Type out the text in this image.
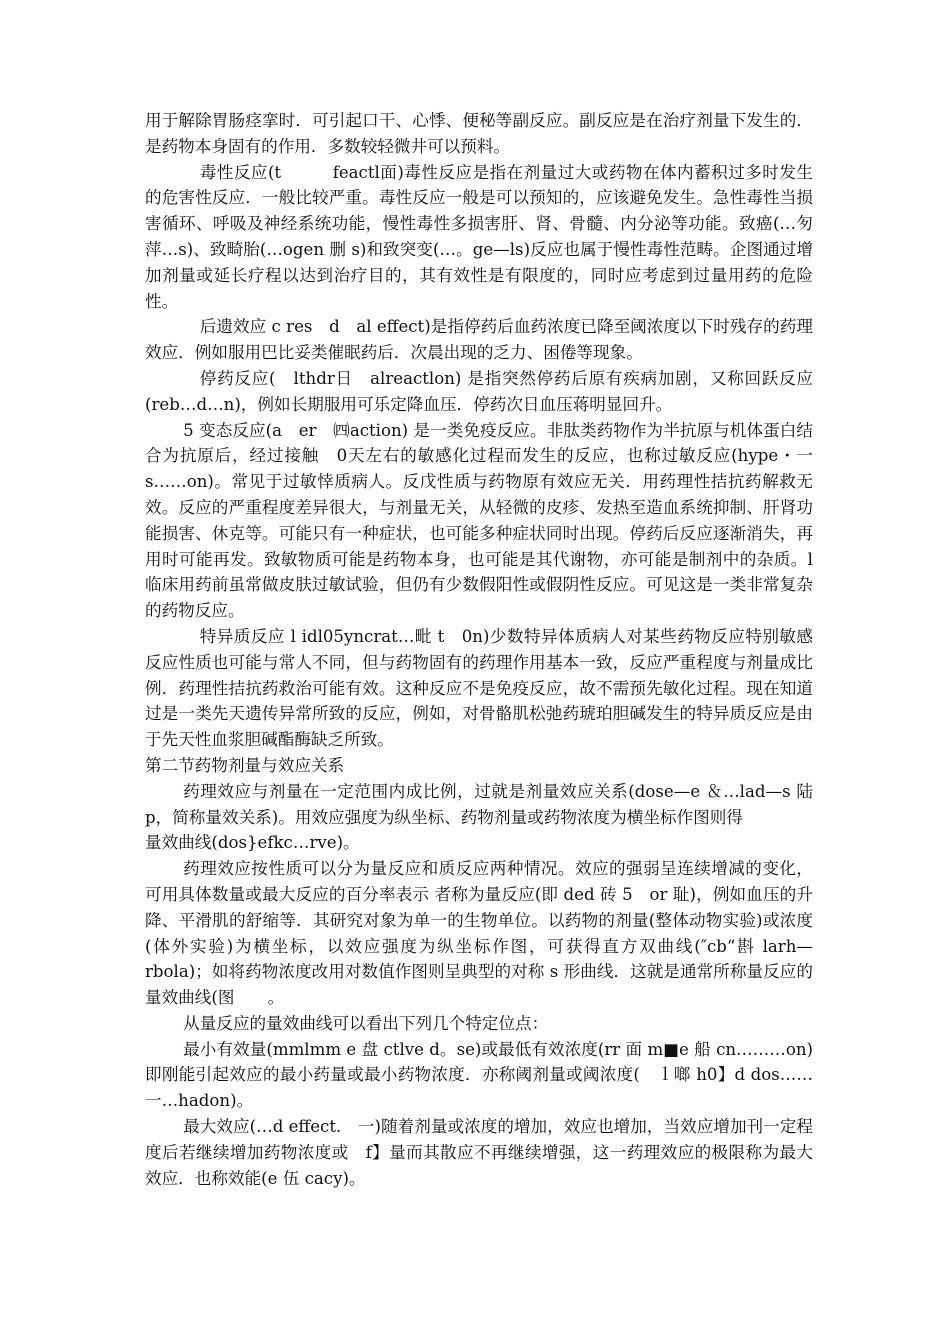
用于解除胃肠痉挛时．可引起口干、心悸、便秘等副反应。副反应是在治疗剂量下发生的．是药物本身固有的作用．多数较轻微井可以预料。

毒性反应(t　　　feactl面)毒性反应是指在剂量过大或药物在体内蓄积过多时发生的危害性反应．一般比较严重。毒性反应一般是可以预知的，应该避免发生。急性毒性当损害循环、呼吸及神经系统功能，慢性毒性多损害肝、肾、骨髓、内分泌等功能。致癌(…匇萍…s)、致畸胎(…ogen 删 s)和致突变(…。ge—ls)反应也属于慢性毒性范畴。企图通过增加剂量或延长疗程以达到治疗目的，其有效性是有限度的，同时应考虑到过量用药的危险性。

后遗效应 c res　d　al effect)是指停药后血药浓度已降至阈浓度以下时残存的药理效应．例如服用巴比妥类催眠药后．次晨出现的乏力、困倦等现象。

停药反应(　lthdr日　alreactlon) 是指突然停药后原有疾病加剧，又称回跃反应(reb…d…n)，例如长期服用可乐定降血压．停药次日血压蒋明显回升。

5 变态反应(a　er　㈣action) 是一类免疫反应。非肽类药物作为半抗原与机体蛋白结合为抗原后，经过接触　0天左右的敏感化过程而发生的反应，也称过敏反应(hype・一 s……on)。常见于过敏悻质病人。反戊性质与药物原有效应无关．用药理性拮抗药解救无效。反应的严重程度差异很大，与剂量无关，从轻微的皮疹、发热至造血系统抑制、肝肾功能损害、休克等。可能只有一种症状，也可能多种症状同时出现。停药后反应逐渐消失，再用时可能再发。致敏物质可能是药物本身，也可能是其代谢物，亦可能是制剂中的杂质。l 临床用药前虽常做皮肤过敏试验，但仍有少数假阳性或假阴性反应。可见这是一类非常复杂的药物反应。

特异质反应 l idl05yncrat…毗 t　0n)少数特异体质病人对某些药物反应特别敏感 反应性质也可能与常人不同，但与药物固有的药理作用基本一致，反应严重程度与剂量成比例．药理性拮抗药救治可能有效。这种反应不是免疫反应，故不需预先敏化过程。现在知道过是一类先天遗传异常所致的反应，例如，对骨骼肌松弛药琥珀胆碱发生的特异质反应是由于先天性血浆胆碱酯酶缺乏所致。

第二节药物剂量与效应关系

药理效应与剂量在一定范围内成比例，过就是剂量效应关系(dose—e ＆…lad—s 陆 p，简称量效关系)。用效应强度为纵坐标、药物剂量或药物浓度为横坐标作图则得

量效曲线(dos}efkc…rve)。

药理效应按性质可以分为量反应和质反应两种情况。效应的强弱呈连续增减的变化，可用具体数量或最大反应的百分率表示 者称为量反应(即 ded 砖 5　or 耻)，例如血压的升降、平滑肌的舒缩等．其研究对象为单一的生物单位。以药物的剂量(整体动物实验)或浓度(体外实验)为横坐标，以效应强度为纵坐标作图，可获得直方双曲线(″cb“斟 larh—rbola)；如将药物浓度改用对数值作图则呈典型的对称 s 形曲线．这就是通常所称量反应的量效曲线(图　　。

从量反应的量效曲线可以看出下列几个特定位点：

最小有效量(mmlmm e 盘 ctlve d。se)或最低有效浓度(rr 面 m■e 船 cn………on)即刚能引起效应的最小药量或最小药物浓度．亦称阈剂量或阈浓度(　ｌ啷 h0】d dos……一…hadon)。

最大效应(…d effect.　一)随着剂量或浓度的增加，效应也增加，当效应增加刊一定程度后若继续增加药物浓度或　f】量而其散应不再继续增强，这一药理效应的极限称为最大效应．也称效能(e 伍 cacy)。
